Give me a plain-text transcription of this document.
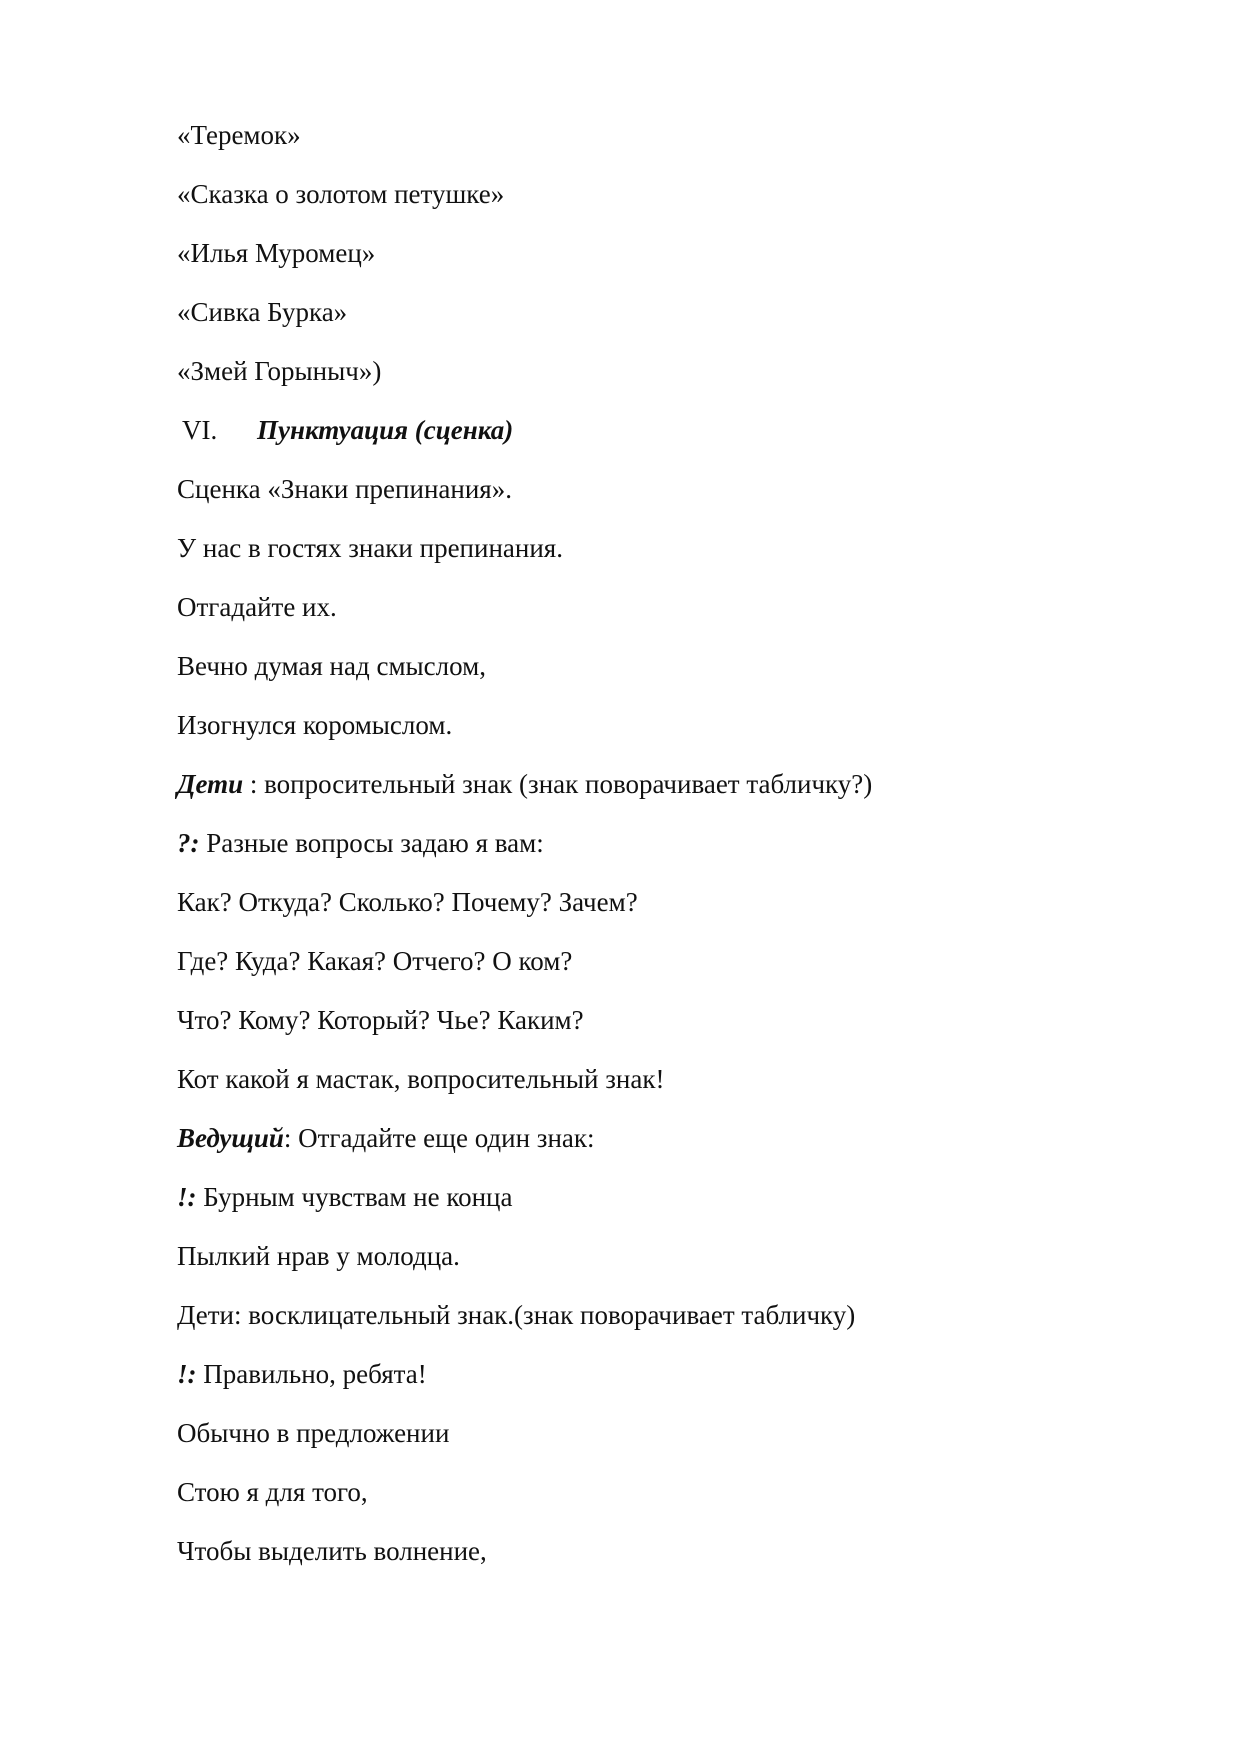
«Теремок»
«Сказка о золотом петушке»
«Илья Муромец»
«Сивка Бурка»
«Змей Горыныч»)
VI. Пунктуация (сценка)
Сценка «Знаки препинания».
У нас в гостях знаки препинания.
Отгадайте их.
Вечно думая над смыслом,
Изогнулся коромыслом.
Дети : вопросительный знак (знак поворачивает табличку?)
?: Разные вопросы задаю я вам:
Как? Откуда? Сколько? Почему? Зачем?
Где? Куда? Какая? Отчего? О ком?
Что? Кому? Который? Чье? Каким?
Кот какой я мастак, вопросительный знак!
Ведущий: Отгадайте еще один знак:
!: Бурным чувствам не конца
Пылкий нрав у молодца.
Дети: восклицательный знак.(знак поворачивает табличку)
!: Правильно, ребята!
Обычно в предложении
Стою я для того,
Чтобы выделить волнение,
